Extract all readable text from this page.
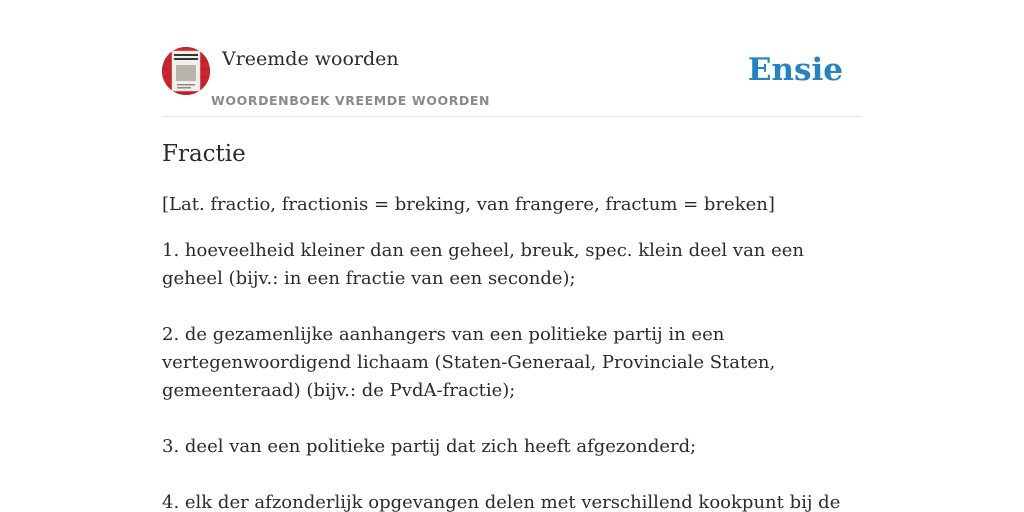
Vreemde woorden
WOORDENBOEK VREEMDE WOORDEN
Ensie
Fractie

[Lat. fractio, fractionis = breking, van frangere, fractum = breken]

1. hoeveelheid kleiner dan een geheel, breuk, spec. klein deel van een geheel (bijv.: in een fractie van een seconde);

2. de gezamenlijke aanhangers van een politieke partij in een vertegenwoordigend lichaam (Staten-Generaal, Provinciale Staten, gemeenteraad) (bijv.: de PvdA-fractie);

3. deel van een politieke partij dat zich heeft afgezonderd;

4. elk der afzonderlijk opgevangen delen met verschillend kookpunt bij de
